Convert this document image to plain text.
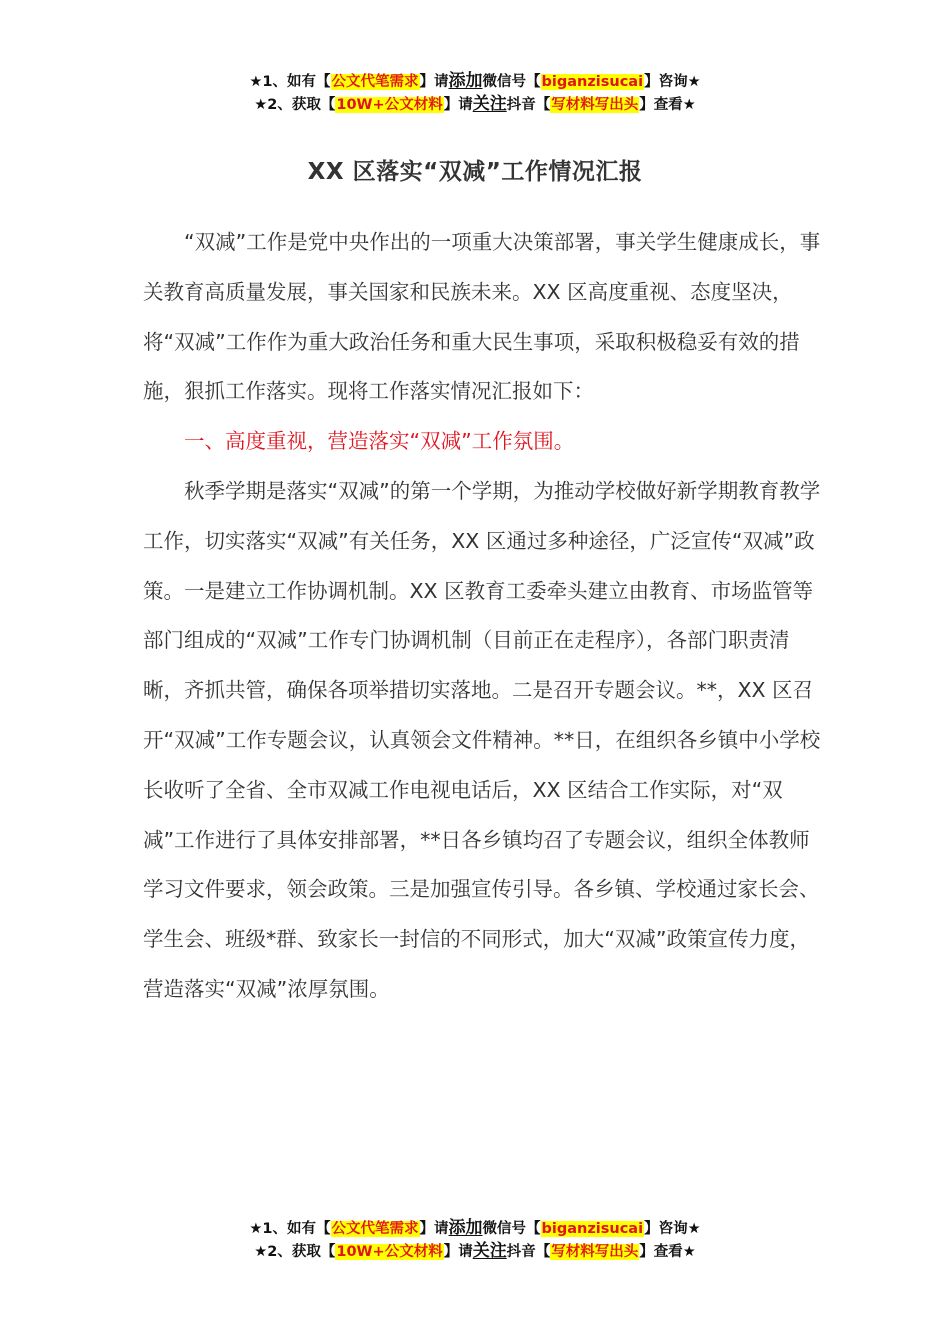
★1、如有【公文代笔需求】请添加微信号【biganzisucai】咨询★
★2、获取【10W+公文材料】请关注抖音【写材料写出头】查看★
XX 区落实“双减”工作情况汇报

“双减”工作是党中央作出的一项重大决策部署，事关学生健康成长，事关教育高质量发展，事关国家和民族未来。XX 区高度重视、态度坚决，将“双减”工作作为重大政治任务和重大民生事项，采取积极稳妥有效的措施，狠抓工作落实。现将工作落实情况汇报如下：

一、高度重视，营造落实“双减”工作氛围。

秋季学期是落实“双减”的第一个学期，为推动学校做好新学期教育教学工作，切实落实“双减”有关任务，XX 区通过多种途径，广泛宣传“双减”政策。一是建立工作协调机制。XX 区教育工委牵头建立由教育、市场监管等部门组成的“双减”工作专门协调机制（目前正在走程序），各部门职责清晰，齐抓共管，确保各项举措切实落地。二是召开专题会议。**，XX 区召开“双减”工作专题会议，认真领会文件精神。**日，在组织各乡镇中小学校长收听了全省、全市双减工作电视电话后，XX 区结合工作实际，对“双减”工作进行了具体安排部署，**日各乡镇均召了专题会议，组织全体教师学习文件要求，领会政策。三是加强宣传引导。各乡镇、学校通过家长会、学生会、班级*群、致家长一封信的不同形式，加大“双减”政策宣传力度，营造落实“双减”浓厚氛围。

★1、如有【公文代笔需求】请添加微信号【biganzisucai】咨询★
★2、获取【10W+公文材料】请关注抖音【写材料写出头】查看★
